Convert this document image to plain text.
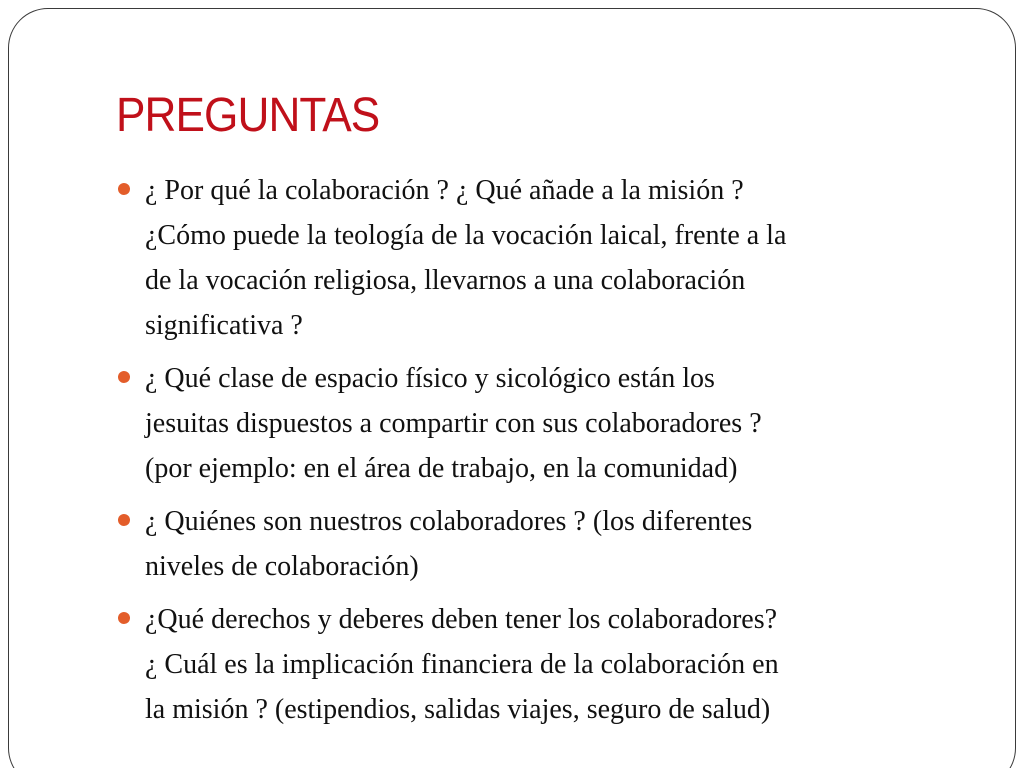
PREGUNTAS
¿ Por qué la colaboración ? ¿ Qué añade a la misión ?
¿Cómo puede la teología de la vocación laical, frente a la
de la vocación religiosa, llevarnos a una colaboración
significativa ?
¿ Qué clase de espacio físico y sicológico están los
jesuitas dispuestos a compartir con sus colaboradores ?
(por ejemplo: en el área de trabajo, en la comunidad)
¿ Quiénes son nuestros colaboradores ? (los diferentes
niveles de colaboración)
¿Qué derechos y deberes deben tener los colaboradores?
¿ Cuál es la implicación financiera de la colaboración en
la misión ? (estipendios, salidas viajes, seguro de salud)
